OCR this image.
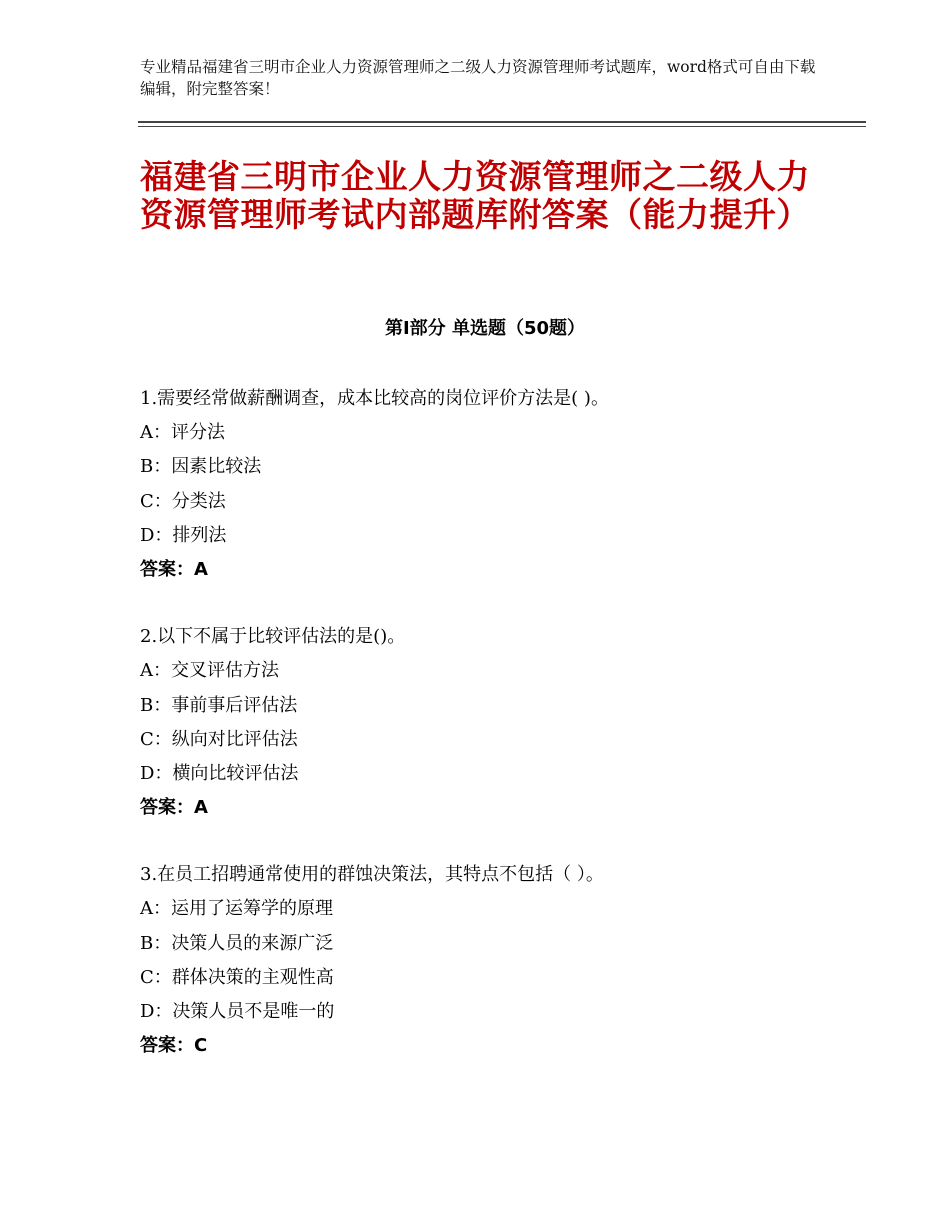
专业精品福建省三明市企业人力资源管理师之二级人力资源管理师考试题库，word格式可自由下载编辑，附完整答案！
福建省三明市企业人力资源管理师之二级人力资源管理师考试内部题库附答案（能力提升）
第Ⅰ部分 单选题（50题）
1.需要经常做薪酬调查，成本比较高的岗位评价方法是( )。
A：评分法
B：因素比较法
C：分类法
D：排列法
答案：A
2.以下不属于比较评估法的是()。
A：交叉评估方法
B：事前事后评估法
C：纵向对比评估法
D：横向比较评估法
答案：A
3.在员工招聘通常使用的群蚀决策法，其特点不包括（ ）。
A：运用了运筹学的原理
B：决策人员的来源广泛
C：群体决策的主观性高
D：决策人员不是唯一的
答案：C
